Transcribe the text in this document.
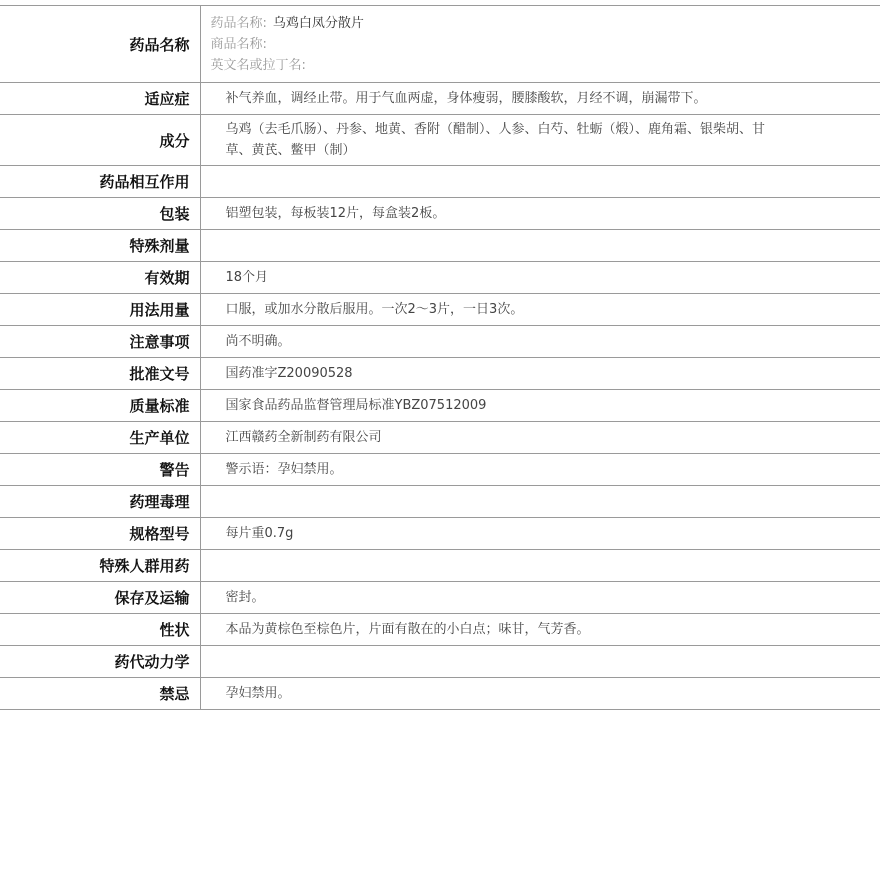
药品名称	药品名称: 乌鸡白凤分散片
商品名称:
英文名或拉丁名:

适应症	补气养血，调经止带。用于气血两虚，身体瘦弱，腰膝酸软，月经不调，崩漏带下。
成分	乌鸡（去毛爪肠）、丹参、地黄、香附（醋制）、人参、白芍、牡蛎（煅）、鹿角霜、银柴胡、甘草、黄芪、鳖甲（制）
药品相互作用	
包装	铝塑包装，每板装12片，每盒装2板。
特殊剂量	
有效期	18个月
用法用量	口服，或加水分散后服用。一次2～3片，一日3次。
注意事项	尚不明确。
批准文号	国药准字Z20090528
质量标准	国家食品药品监督管理局标准YBZ07512009
生产单位	江西赣药全新制药有限公司
警告	警示语：孕妇禁用。
药理毒理	
规格型号	每片重0.7g
特殊人群用药	
保存及运输	密封。
性状	本品为黄棕色至棕色片，片面有散在的小白点；味甘，气芳香。
药代动力学	
禁忌	孕妇禁用。
